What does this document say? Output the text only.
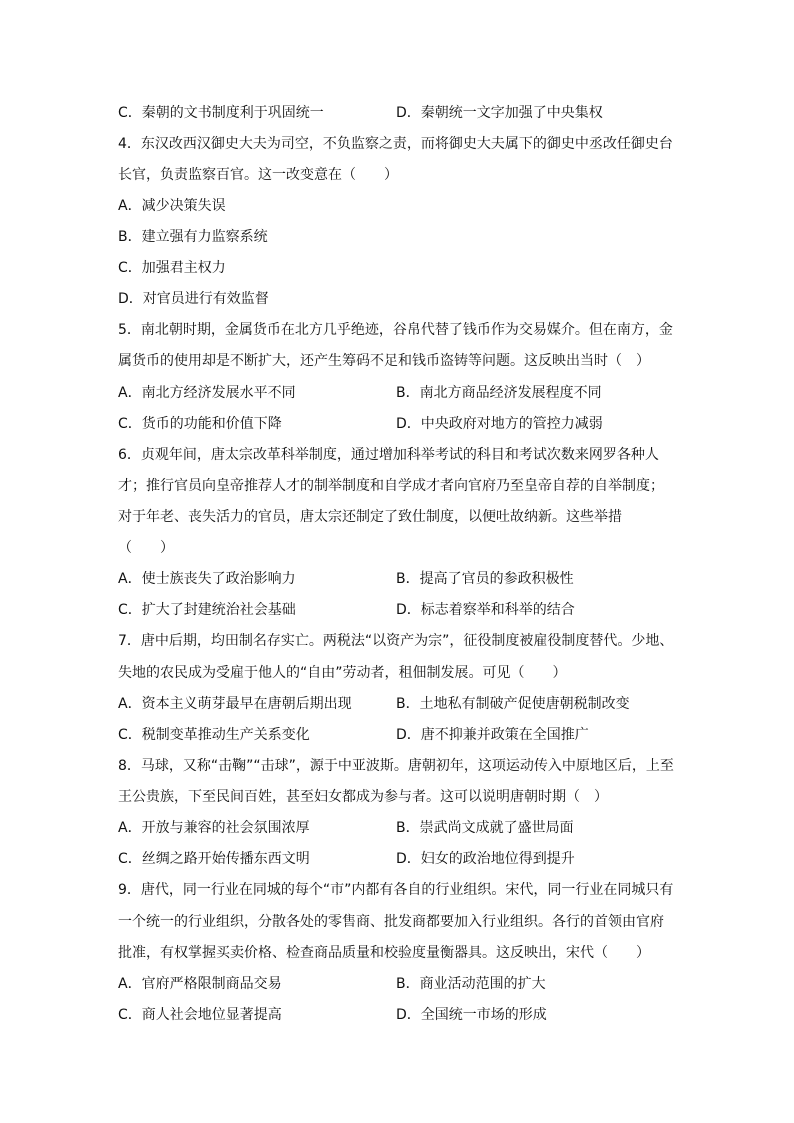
C．秦朝的文书制度利于巩固统一	D．秦朝统一文字加强了中央集权
4．东汉改西汉御史大夫为司空，不负监察之责，而将御史大夫属下的御史中丞改任御史台
长官，负责监察百官。这一改变意在（　　）
A．减少决策失误
B．建立强有力监察系统
C．加强君主权力
D．对官员进行有效监督
5．南北朝时期，金属货币在北方几乎绝迹，谷帛代替了钱币作为交易媒介。但在南方，金
属货币的使用却是不断扩大，还产生筹码不足和钱币盗铸等问题。这反映出当时（　）
A．南北方经济发展水平不同	B．南北方商品经济发展程度不同
C．货币的功能和价值下降	D．中央政府对地方的管控力减弱
6．贞观年间，唐太宗改革科举制度，通过增加科举考试的科目和考试次数来网罗各种人
才；推行官员向皇帝推荐人才的制举制度和自学成才者向官府乃至皇帝自荐的自举制度；
对于年老、丧失活力的官员，唐太宗还制定了致仕制度，以便吐故纳新。这些举措
（　　）
A．使士族丧失了政治影响力	B．提高了官员的参政积极性
C．扩大了封建统治社会基础	D．标志着察举和科举的结合
7．唐中后期，均田制名存实亡。两税法“以资产为宗”，征役制度被雇役制度替代。少地、
失地的农民成为受雇于他人的“自由”劳动者，租佃制发展。可见（　　）
A．资本主义萌芽最早在唐朝后期出现	B．土地私有制破产促使唐朝税制改变
C．税制变革推动生产关系变化	D．唐不抑兼并政策在全国推广
8．马球，又称“击鞠”“击球”，源于中亚波斯。唐朝初年，这项运动传入中原地区后，上至
王公贵族，下至民间百姓，甚至妇女都成为参与者。这可以说明唐朝时期（　）
A．开放与兼容的社会氛围浓厚	B．崇武尚文成就了盛世局面
C．丝绸之路开始传播东西文明	D．妇女的政治地位得到提升
9．唐代，同一行业在同城的每个“市”内都有各自的行业组织。宋代，同一行业在同城只有
一个统一的行业组织，分散各处的零售商、批发商都要加入行业组织。各行的首领由官府
批准，有权掌握买卖价格、检查商品质量和校验度量衡器具。这反映出，宋代（　　）
A．官府严格限制商品交易	B．商业活动范围的扩大
C．商人社会地位显著提高	D．全国统一市场的形成
